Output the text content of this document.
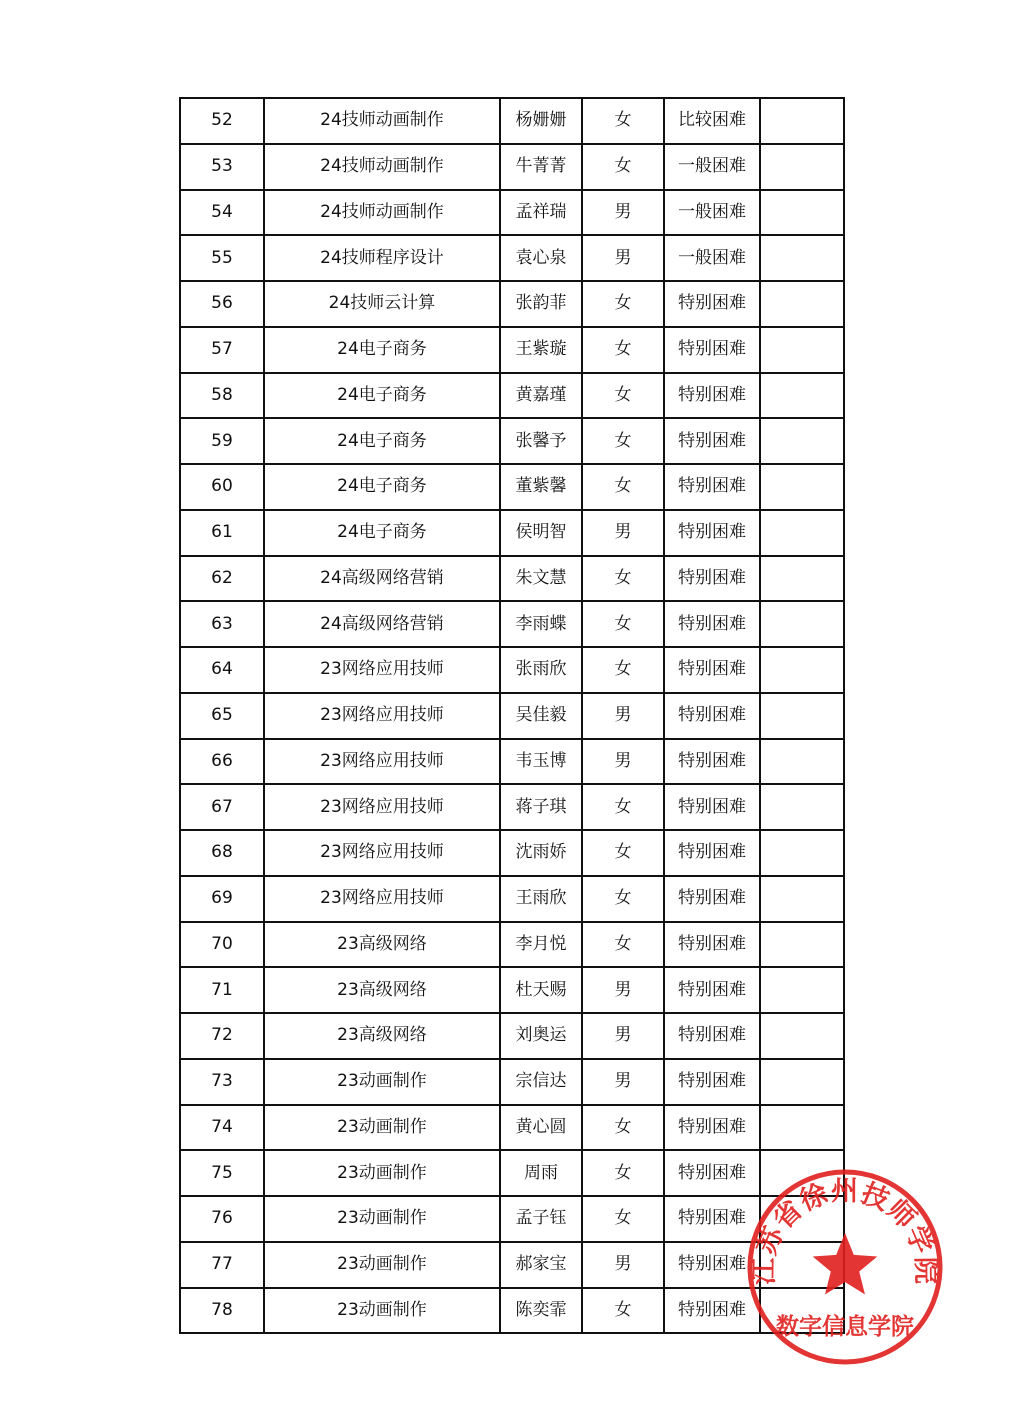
52	24技师动画制作	杨姗姗	女	比较困难	
53	24技师动画制作	牛菁菁	女	一般困难	
54	24技师动画制作	孟祥瑞	男	一般困难	
55	24技师程序设计	袁心泉	男	一般困难	
56	24技师云计算	张韵菲	女	特别困难	
57	24电子商务	王紫璇	女	特别困难	
58	24电子商务	黄嘉瑾	女	特别困难	
59	24电子商务	张馨予	女	特别困难	
60	24电子商务	董紫馨	女	特别困难	
61	24电子商务	侯明智	男	特别困难	
62	24高级网络营销	朱文慧	女	特别困难	
63	24高级网络营销	李雨蝶	女	特别困难	
64	23网络应用技师	张雨欣	女	特别困难	
65	23网络应用技师	吴佳毅	男	特别困难	
66	23网络应用技师	韦玉博	男	特别困难	
67	23网络应用技师	蒋子琪	女	特别困难	
68	23网络应用技师	沈雨娇	女	特别困难	
69	23网络应用技师	王雨欣	女	特别困难	
70	23高级网络	李月悦	女	特别困难	
71	23高级网络	杜天赐	男	特别困难	
72	23高级网络	刘奥运	男	特别困难	
73	23动画制作	宗信达	男	特别困难	
74	23动画制作	黄心圆	女	特别困难	
75	23动画制作	周雨	女	特别困难	
76	23动画制作	孟子钰	女	特别困难	
77	23动画制作	郝家宝	男	特别困难	
78	23动画制作	陈奕霏	女	特别困难	
江苏省徐州技师学院
数字信息学院
